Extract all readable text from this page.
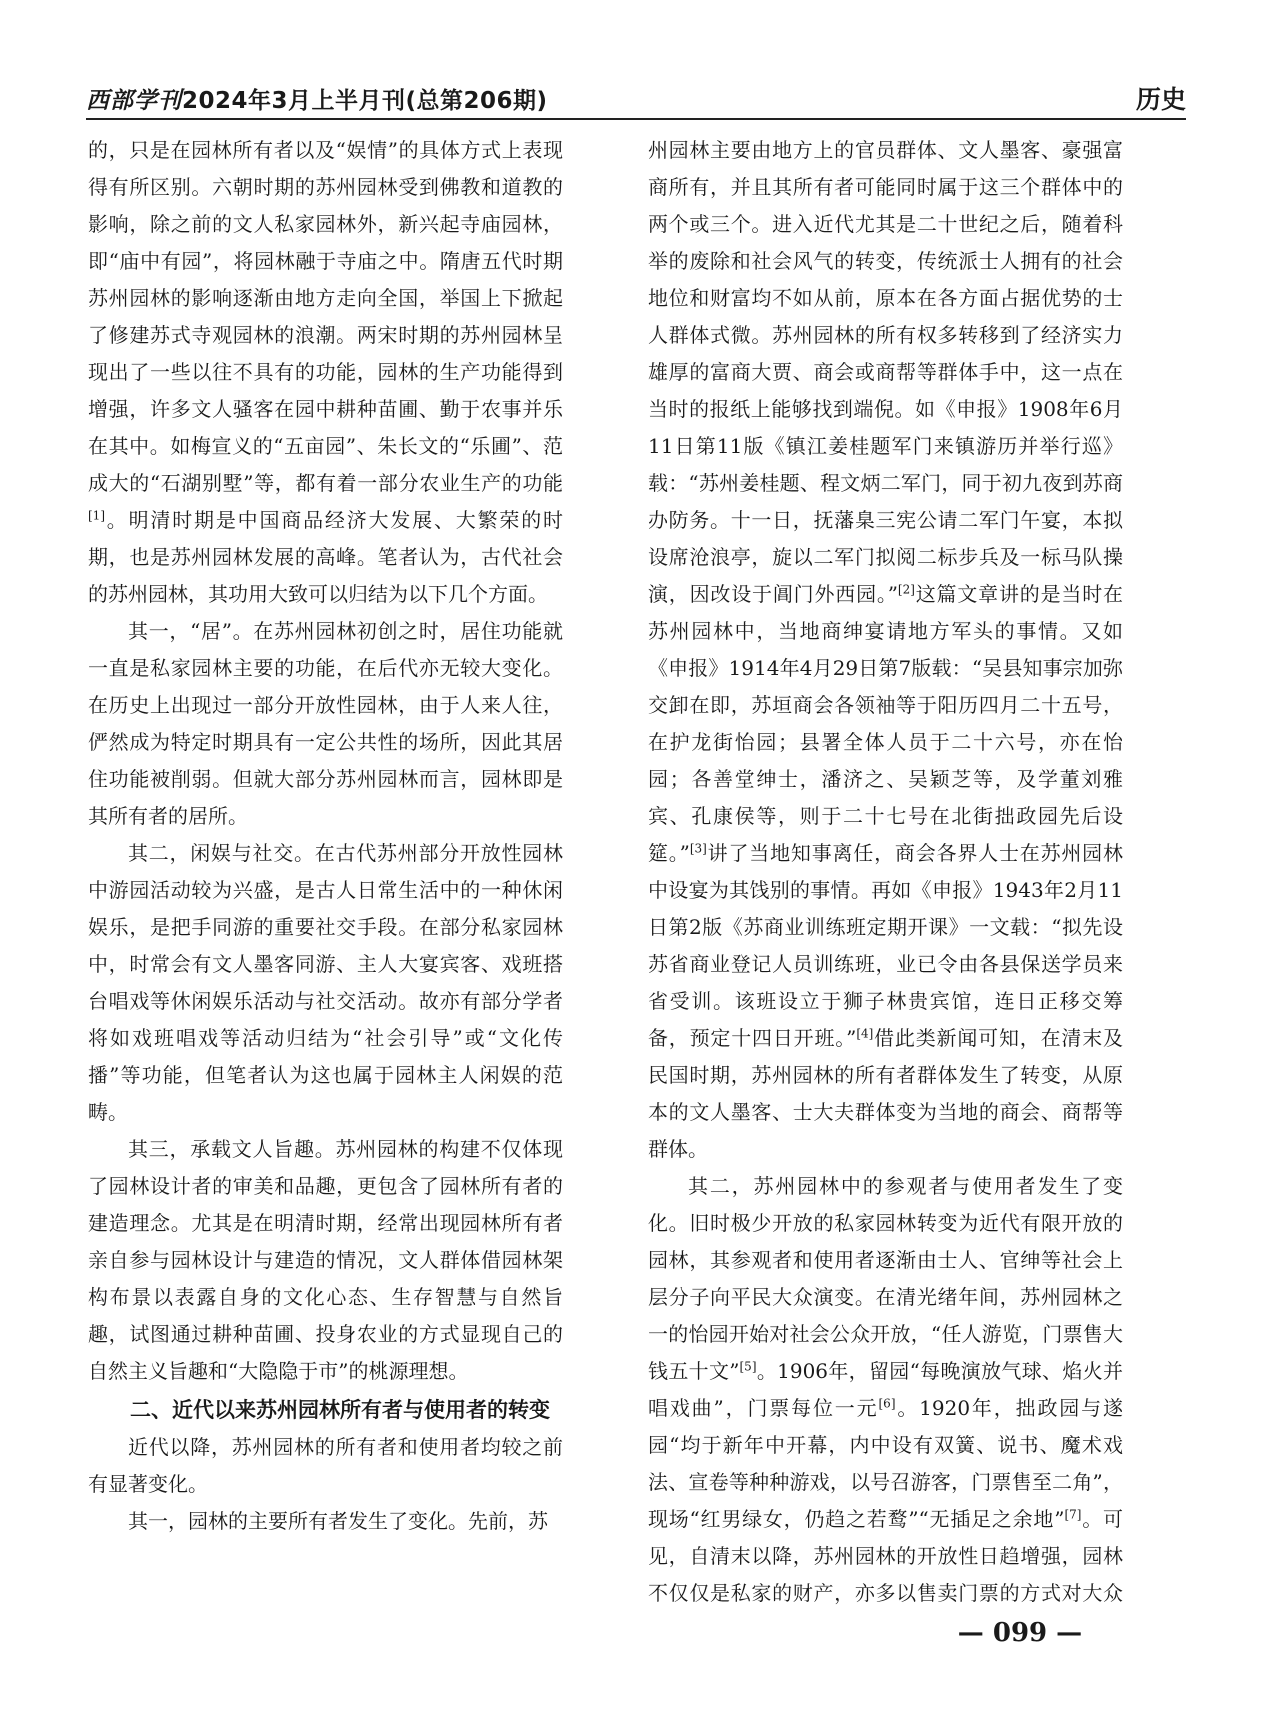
西部学刊2024年3月上半月刊(总第206期)	历史

的，只是在园林所有者以及“娱情”的具体方式上表现得有所区别。六朝时期的苏州园林受到佛教和道教的影响，除之前的文人私家园林外，新兴起寺庙园林，即“庙中有园”，将园林融于寺庙之中。隋唐五代时期苏州园林的影响逐渐由地方走向全国，举国上下掀起了修建苏式寺观园林的浪潮。两宋时期的苏州园林呈现出了一些以往不具有的功能，园林的生产功能得到增强，许多文人骚客在园中耕种苗圃、勤于农事并乐在其中。如梅宣义的“五亩园”、朱长文的“乐圃”、范成大的“石湖别墅”等，都有着一部分农业生产的功能[1]。明清时期是中国商品经济大发展、大繁荣的时期，也是苏州园林发展的高峰。笔者认为，古代社会的苏州园林，其功用大致可以归结为以下几个方面。

其一，“居”。在苏州园林初创之时，居住功能就一直是私家园林主要的功能，在后代亦无较大变化。在历史上出现过一部分开放性园林，由于人来人往，俨然成为特定时期具有一定公共性的场所，因此其居住功能被削弱。但就大部分苏州园林而言，园林即是其所有者的居所。

其二，闲娱与社交。在古代苏州部分开放性园林中游园活动较为兴盛，是古人日常生活中的一种休闲娱乐，是把手同游的重要社交手段。在部分私家园林中，时常会有文人墨客同游、主人大宴宾客、戏班搭台唱戏等休闲娱乐活动与社交活动。故亦有部分学者将如戏班唱戏等活动归结为“社会引导”或“文化传播”等功能，但笔者认为这也属于园林主人闲娱的范畴。

其三，承载文人旨趣。苏州园林的构建不仅体现了园林设计者的审美和品趣，更包含了园林所有者的建造理念。尤其是在明清时期，经常出现园林所有者亲自参与园林设计与建造的情况，文人群体借园林架构布景以表露自身的文化心态、生存智慧与自然旨趣，试图通过耕种苗圃、投身农业的方式显现自己的自然主义旨趣和“大隐隐于市”的桃源理想。

二、近代以来苏州园林所有者与使用者的转变

近代以降，苏州园林的所有者和使用者均较之前有显著变化。

其一，园林的主要所有者发生了变化。先前，苏

州园林主要由地方上的官员群体、文人墨客、豪强富商所有，并且其所有者可能同时属于这三个群体中的两个或三个。进入近代尤其是二十世纪之后，随着科举的废除和社会风气的转变，传统派士人拥有的社会地位和财富均不如从前，原本在各方面占据优势的士人群体式微。苏州园林的所有权多转移到了经济实力雄厚的富商大贾、商会或商帮等群体手中，这一点在当时的报纸上能够找到端倪。如《申报》1908年6月11日第11版《镇江姜桂题军门来镇游历并举行巡》载：“苏州姜桂题、程文炳二军门，同于初九夜到苏商办防务。十一日，抚藩臬三宪公请二军门午宴，本拟设席沧浪亭，旋以二军门拟阅二标步兵及一标马队操演，因改设于阊门外西园。”[2]这篇文章讲的是当时在苏州园林中，当地商绅宴请地方军头的事情。又如《申报》1914年4月29日第7版载：“吴县知事宗加弥交卸在即，苏垣商会各领袖等于阳历四月二十五号，在护龙街怡园；县署全体人员于二十六号，亦在怡园；各善堂绅士，潘济之、吴颖芝等，及学董刘雅宾、孔康侯等，则于二十七号在北街拙政园先后设筵。”[3]讲了当地知事离任，商会各界人士在苏州园林中设宴为其饯别的事情。再如《申报》1943年2月11日第2版《苏商业训练班定期开课》一文载：“拟先设苏省商业登记人员训练班，业已令由各县保送学员来省受训。该班设立于狮子林贵宾馆，连日正移交筹备，预定十四日开班。”[4]借此类新闻可知，在清末及民国时期，苏州园林的所有者群体发生了转变，从原本的文人墨客、士大夫群体变为当地的商会、商帮等群体。

其二，苏州园林中的参观者与使用者发生了变化。旧时极少开放的私家园林转变为近代有限开放的园林，其参观者和使用者逐渐由士人、官绅等社会上层分子向平民大众演变。在清光绪年间，苏州园林之一的怡园开始对社会公众开放，“任人游览，门票售大钱五十文”[5]。1906年，留园“每晚演放气球、焰火并唱戏曲”，门票每位一元[6]。1920年，拙政园与遂园“均于新年中开幕，内中设有双簧、说书、魔术戏法、宣卷等种种游戏，以号召游客，门票售至二角”，现场“红男绿女，仍趋之若鹜”“无插足之余地”[7]。可见，自清末以降，苏州园林的开放性日趋增强，园林不仅仅是私家的财产，亦多以售卖门票的方式对大众

— 099 —
